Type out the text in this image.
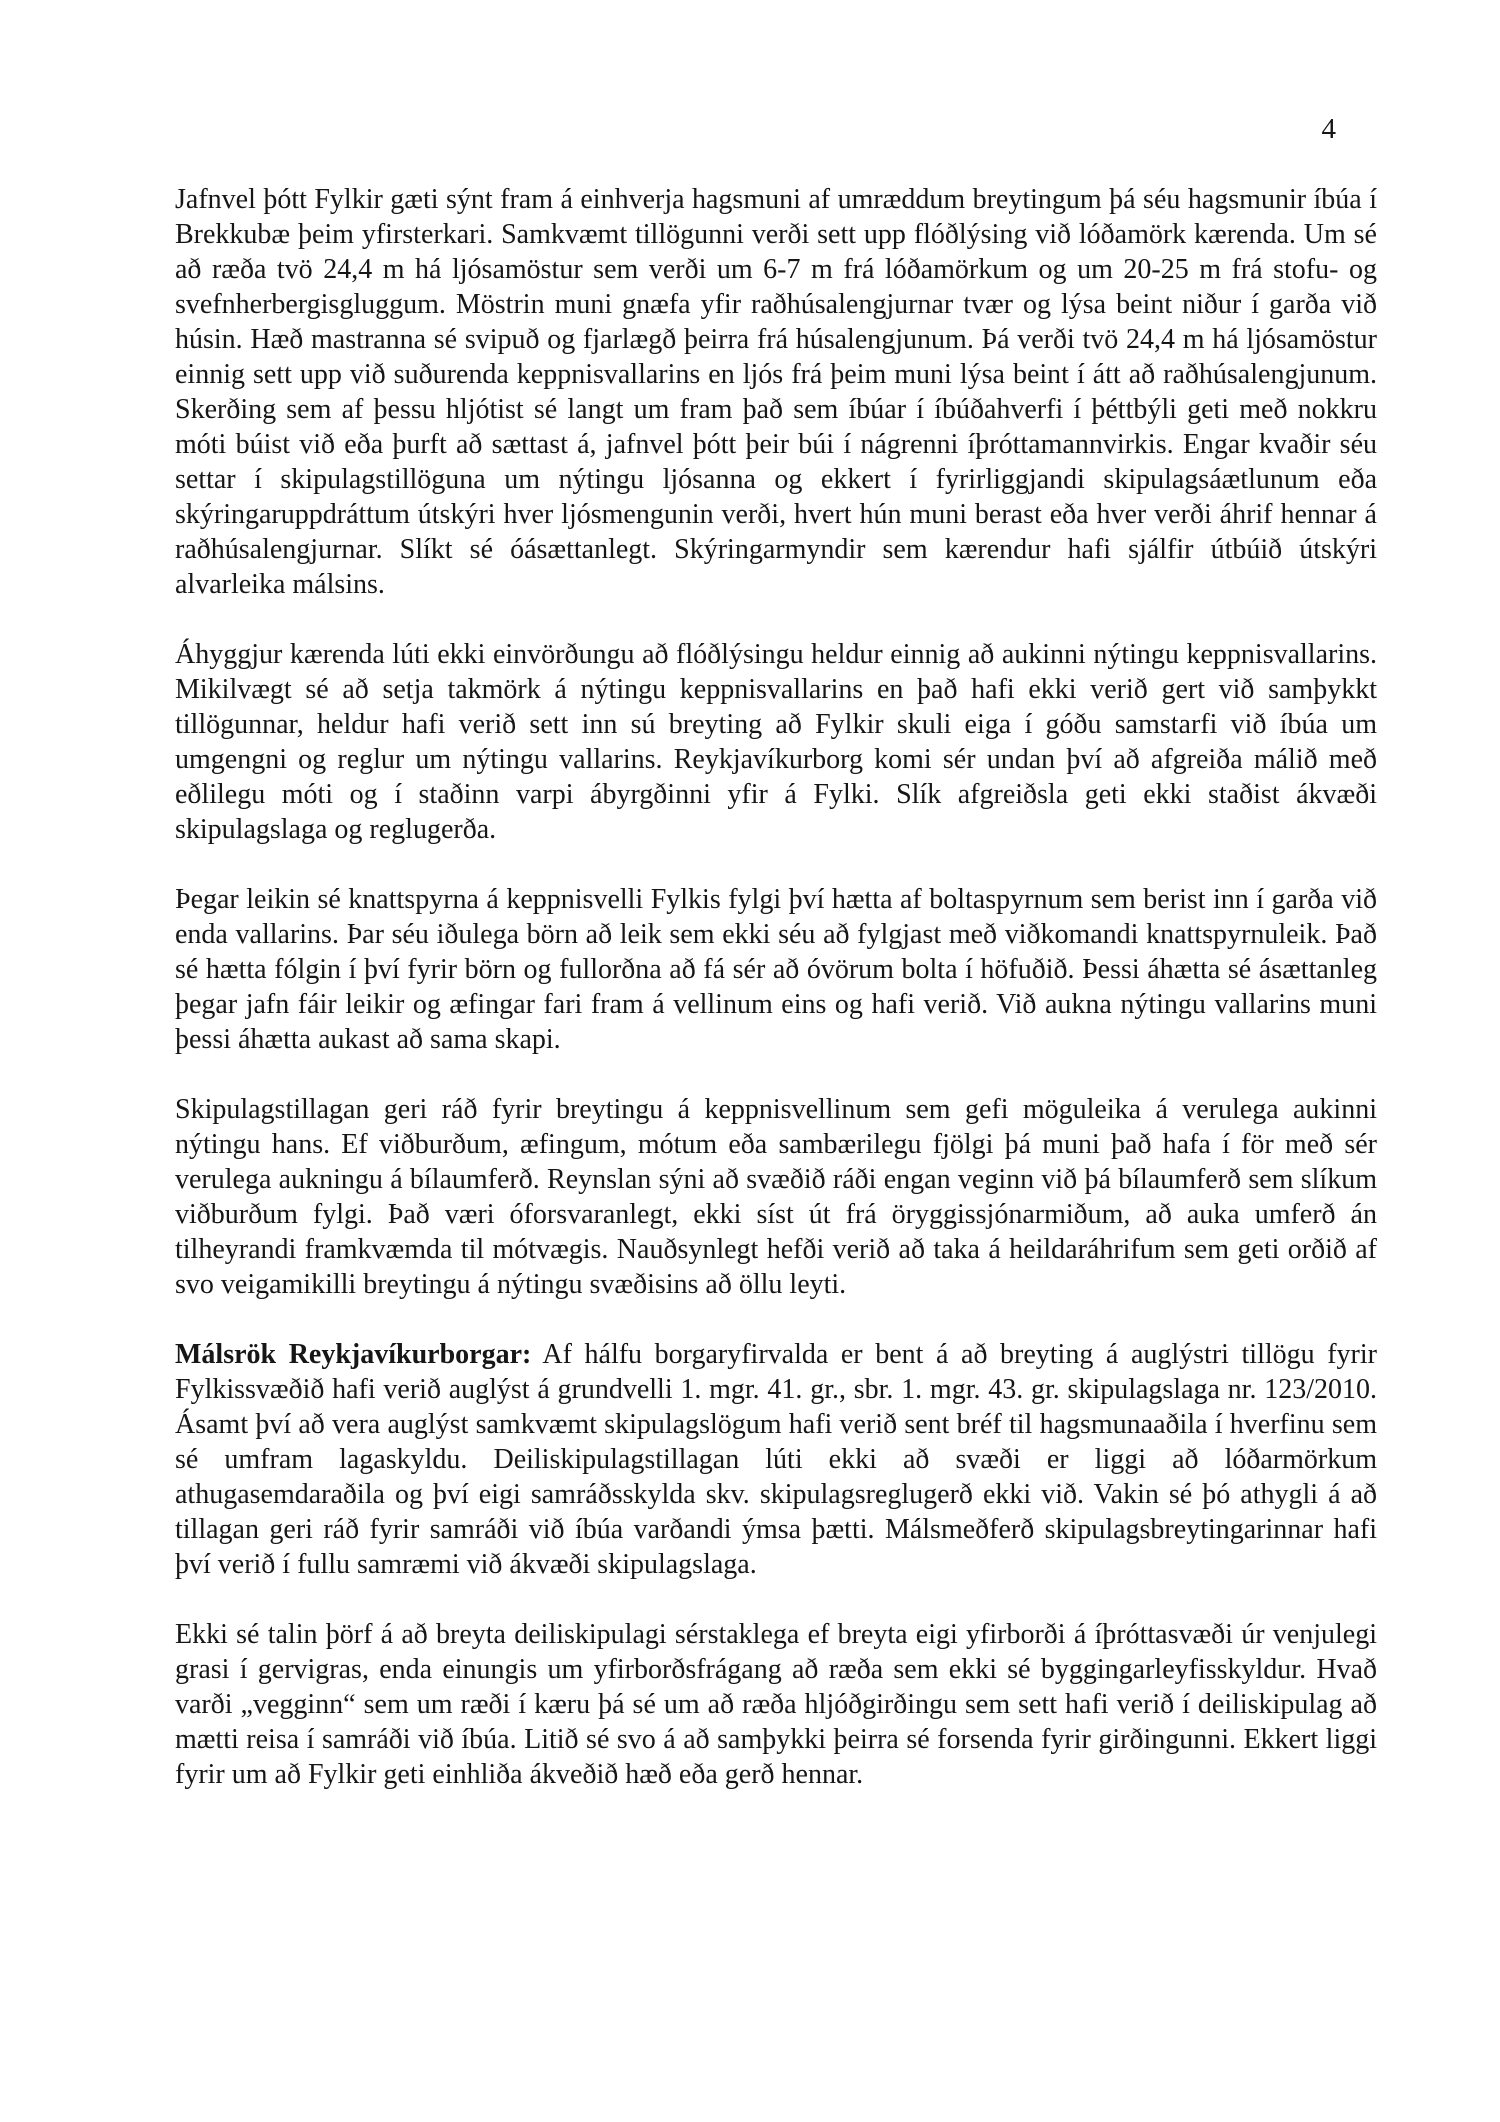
4

Jafnvel þótt Fylkir gæti sýnt fram á einhverja hagsmuni af umræddum breytingum þá séu hagsmunir íbúa í Brekkubæ þeim yfirsterkari. Samkvæmt tillögunni verði sett upp flóðlýsing við lóðamörk kærenda. Um sé að ræða tvö 24,4 m há ljósamöstur sem verði um 6-7 m frá lóðamörkum og um 20-25 m frá stofu- og svefnherbergisgluggum. Möstrin muni gnæfa yfir raðhúsalengjurnar tvær og lýsa beint niður í garða við húsin. Hæð mastranna sé svipuð og fjarlægð þeirra frá húsalengjunum. Þá verði tvö 24,4 m há ljósamöstur einnig sett upp við suðurenda keppnisvallarins en ljós frá þeim muni lýsa beint í átt að raðhúsalengjunum. Skerðing sem af þessu hljótist sé langt um fram það sem íbúar í íbúðahverfi í þéttbýli geti með nokkru móti búist við eða þurft að sættast á, jafnvel þótt þeir búi í nágrenni íþróttamannvirkis. Engar kvaðir séu settar í skipulagstillöguna um nýtingu ljósanna og ekkert í fyrirliggjandi skipulagsáætlunum eða skýringaruppdráttum útskýri hver ljósmengunin verði, hvert hún muni berast eða hver verði áhrif hennar á raðhúsalengjurnar. Slíkt sé óásættanlegt. Skýringarmyndir sem kærendur hafi sjálfir útbúið útskýri alvarleika málsins.

Áhyggjur kærenda lúti ekki einvörðungu að flóðlýsingu heldur einnig að aukinni nýtingu keppnisvallarins. Mikilvægt sé að setja takmörk á nýtingu keppnisvallarins en það hafi ekki verið gert við samþykkt tillögunnar, heldur hafi verið sett inn sú breyting að Fylkir skuli eiga í góðu samstarfi við íbúa um umgengni og reglur um nýtingu vallarins. Reykjavíkurborg komi sér undan því að afgreiða málið með eðlilegu móti og í staðinn varpi ábyrgðinni yfir á Fylki. Slík afgreiðsla geti ekki staðist ákvæði skipulagslaga og reglugerða.

Þegar leikin sé knattspyrna á keppnisvelli Fylkis fylgi því hætta af boltaspyrnum sem berist inn í garða við enda vallarins. Þar séu iðulega börn að leik sem ekki séu að fylgjast með viðkomandi knattspyrnuleik. Það sé hætta fólgin í því fyrir börn og fullorðna að fá sér að óvörum bolta í höfuðið. Þessi áhætta sé ásættanleg þegar jafn fáir leikir og æfingar fari fram á vellinum eins og hafi verið. Við aukna nýtingu vallarins muni þessi áhætta aukast að sama skapi.

Skipulagstillagan geri ráð fyrir breytingu á keppnisvellinum sem gefi möguleika á verulega aukinni nýtingu hans. Ef viðburðum, æfingum, mótum eða sambærilegu fjölgi þá muni það hafa í för með sér verulega aukningu á bílaumferð. Reynslan sýni að svæðið ráði engan veginn við þá bílaumferð sem slíkum viðburðum fylgi. Það væri óforsvaranlegt, ekki síst út frá öryggissjónarmiðum, að auka umferð án tilheyrandi framkvæmda til mótvægis. Nauðsynlegt hefði verið að taka á heildaráhrifum sem geti orðið af svo veigamikilli breytingu á nýtingu svæðisins að öllu leyti.

Málsrök Reykjavíkurborgar: Af hálfu borgaryfirvalda er bent á að breyting á auglýstri tillögu fyrir Fylkissvæðið hafi verið auglýst á grundvelli 1. mgr. 41. gr., sbr. 1. mgr. 43. gr. skipulagslaga nr. 123/2010. Ásamt því að vera auglýst samkvæmt skipulagslögum hafi verið sent bréf til hagsmunaaðila í hverfinu sem sé umfram lagaskyldu. Deiliskipulagstillagan lúti ekki að svæði er liggi að lóðarmörkum athugasemdaraðila og því eigi samráðsskylda skv. skipulagsreglugerð ekki við. Vakin sé þó athygli á að tillagan geri ráð fyrir samráði við íbúa varðandi ýmsa þætti. Málsmeðferð skipulagsbreytingarinnar hafi því verið í fullu samræmi við ákvæði skipulagslaga.

Ekki sé talin þörf á að breyta deiliskipulagi sérstaklega ef breyta eigi yfirborði á íþróttasvæði úr venjulegi grasi í gervigras, enda einungis um yfirborðsfrágang að ræða sem ekki sé byggingarleyfisskyldur. Hvað varði „vegginn“ sem um ræði í kæru þá sé um að ræða hljóðgirðingu sem sett hafi verið í deiliskipulag að mætti reisa í samráði við íbúa. Litið sé svo á að samþykki þeirra sé forsenda fyrir girðingunni. Ekkert liggi fyrir um að Fylkir geti einhliða ákveðið hæð eða gerð hennar.
